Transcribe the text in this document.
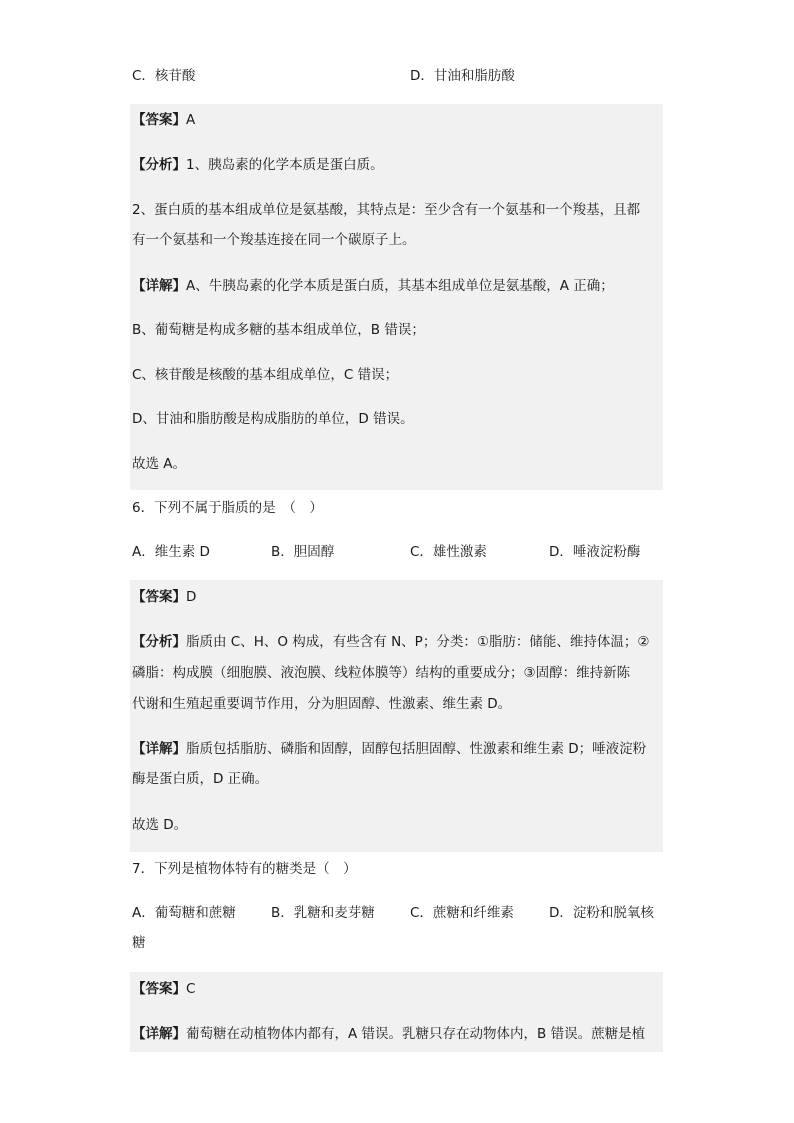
C．核苷酸	D．甘油和脂肪酸
【答案】A
【分析】1、胰岛素的化学本质是蛋白质。
2、蛋白质的基本组成单位是氨基酸，其特点是：至少含有一个氨基和一个羧基，且都
有一个氨基和一个羧基连接在同一个碳原子上。
【详解】A、牛胰岛素的化学本质是蛋白质，其基本组成单位是氨基酸，A 正确；
B、葡萄糖是构成多糖的基本组成单位，B 错误；
C、核苷酸是核酸的基本组成单位，C 错误；
D、甘油和脂肪酸是构成脂肪的单位，D 错误。
故选 A。
6．下列不属于脂质的是　（　）
A．维生素 D	B．胆固醇	C．雄性激素	D．唾液淀粉酶
【答案】D
【分析】脂质由 C、H、O 构成，有些含有 N、P；分类：①脂肪：储能、维持体温；②
磷脂：构成膜（细胞膜、液泡膜、线粒体膜等）结构的重要成分；③固醇：维持新陈
代谢和生殖起重要调节作用，分为胆固醇、性激素、维生素 D。
【详解】脂质包括脂肪、磷脂和固醇，固醇包括胆固醇、性激素和维生素 D；唾液淀粉
酶是蛋白质，D 正确。
故选 D。
7．下列是植物体特有的糖类是（　）
A．葡萄糖和蔗糖	B．乳糖和麦芽糖	C．蔗糖和纤维素	D．淀粉和脱氧核
糖
【答案】C
【详解】葡萄糖在动植物体内都有，A 错误。乳糖只存在动物体内，B 错误。蔗糖是植
